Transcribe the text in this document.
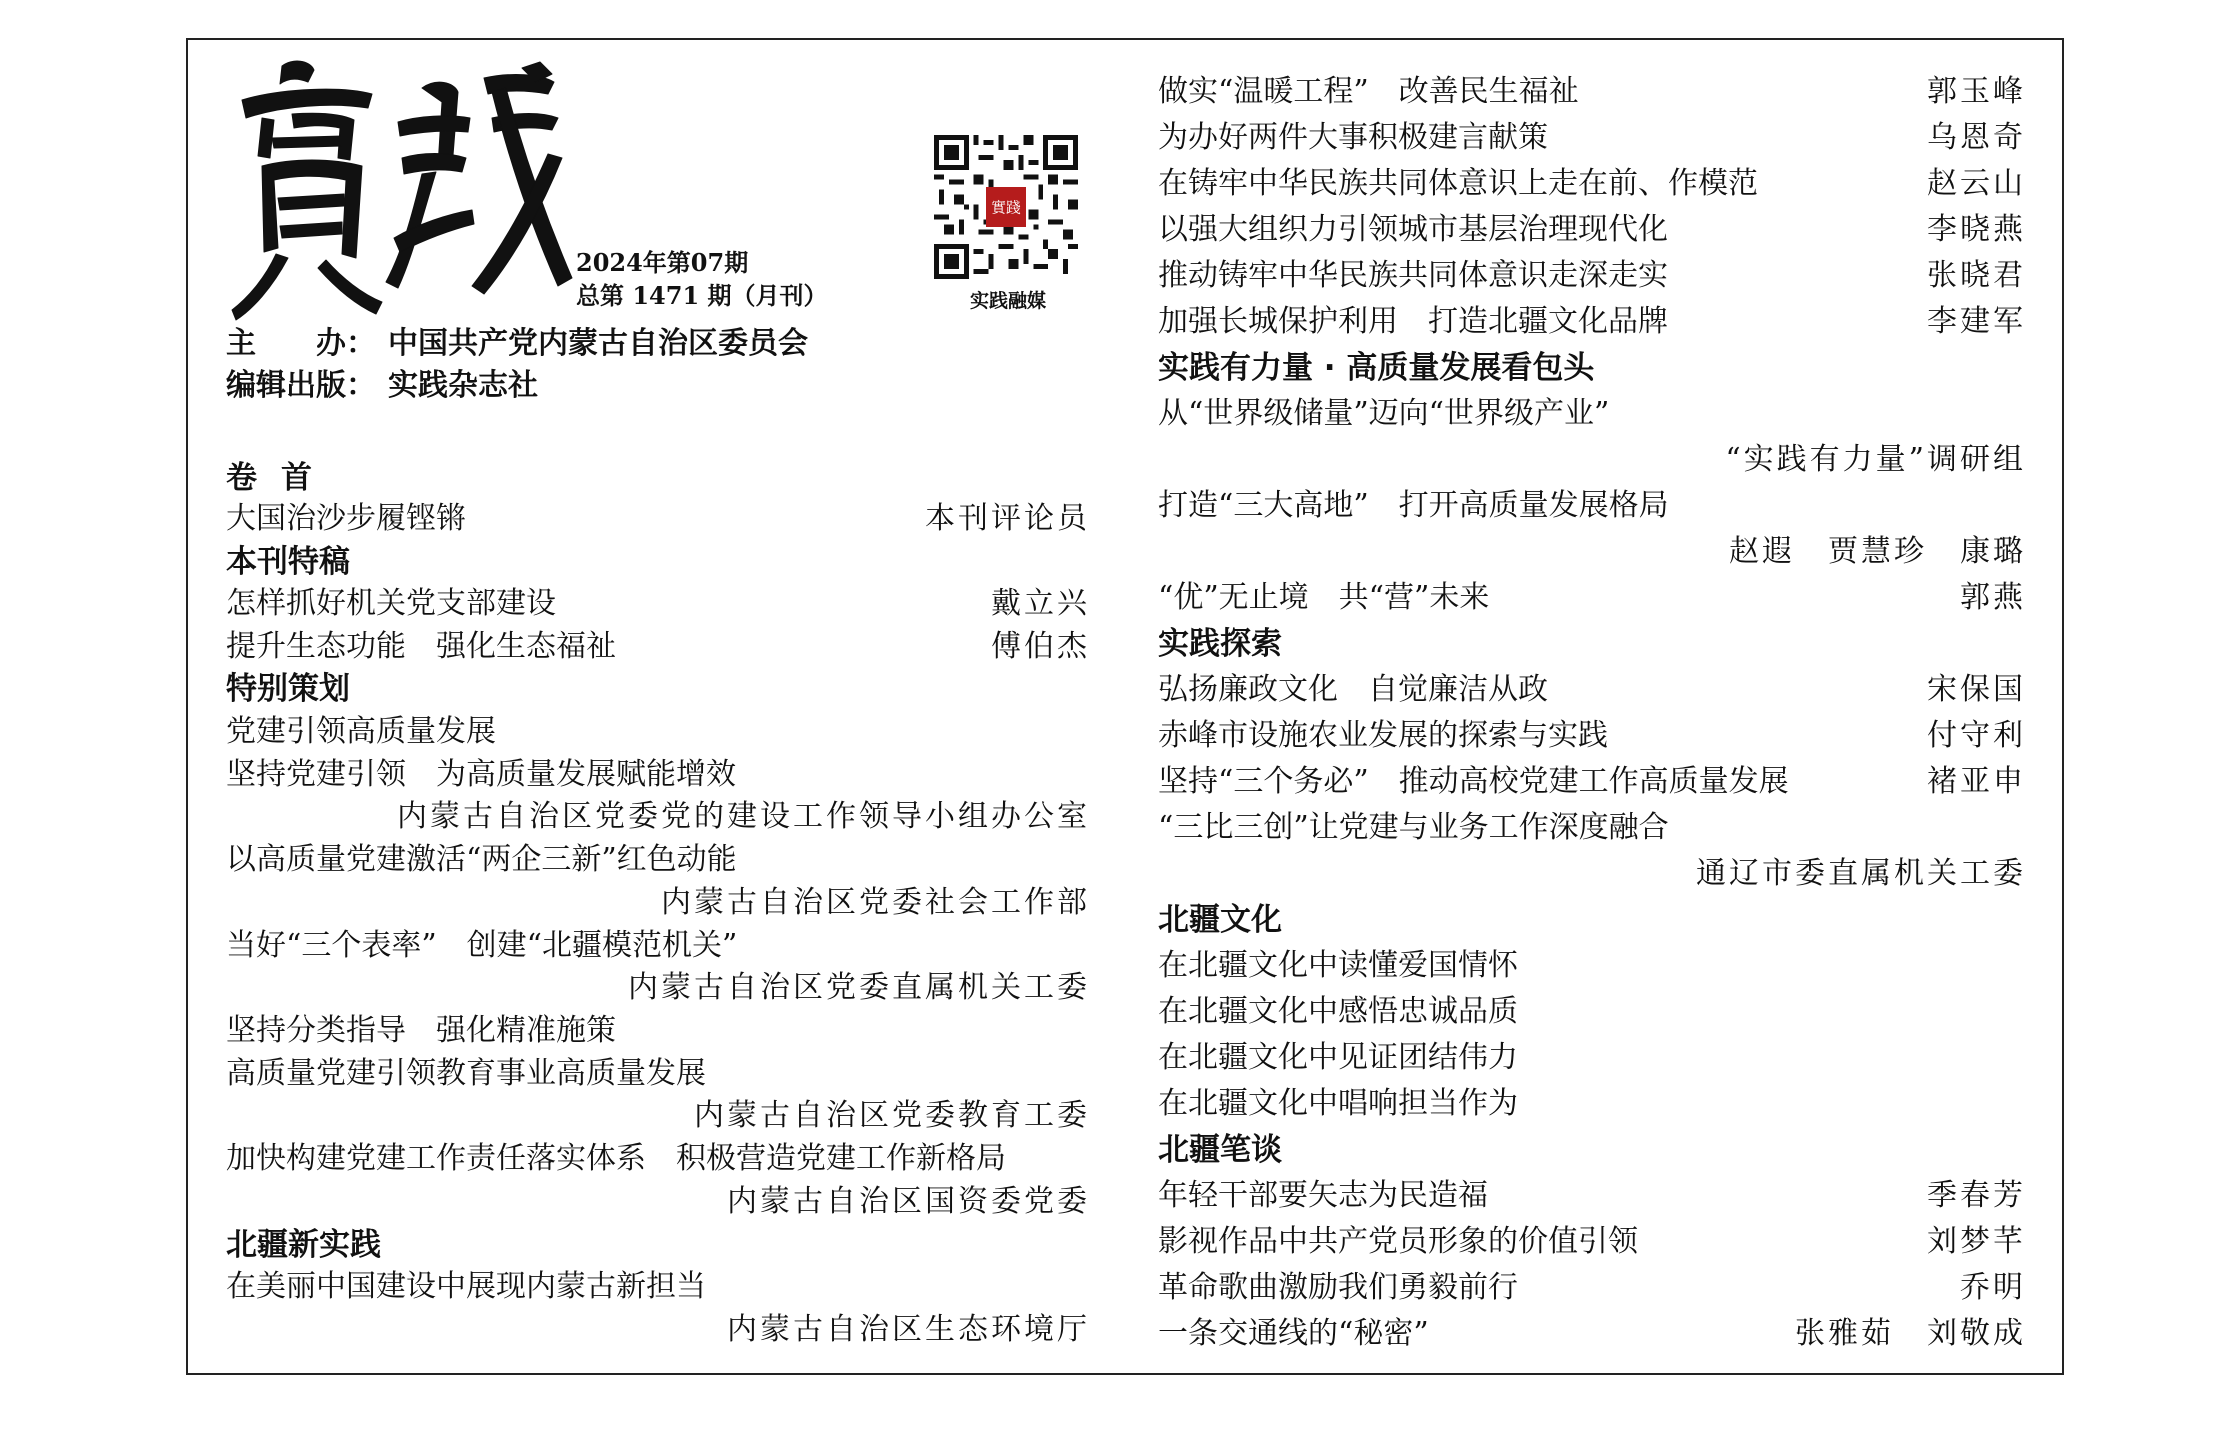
2024年第07期
总第 1471 期（月刊）
實踐
实践融媒
主　　办： 中国共产党内蒙古自治区委员会
编辑出版： 实践杂志社
卷首
大国治沙步履铿锵	本刊评论员
本刊特稿
怎样抓好机关党支部建设	戴立兴
提升生态功能　强化生态福祉	傅伯杰
特别策划
党建引领高质量发展
坚持党建引领　为高质量发展赋能增效
内蒙古自治区党委党的建设工作领导小组办公室
以高质量党建激活“两企三新”红色动能
内蒙古自治区党委社会工作部
当好“三个表率”　创建“北疆模范机关”
内蒙古自治区党委直属机关工委
坚持分类指导　强化精准施策
高质量党建引领教育事业高质量发展
内蒙古自治区党委教育工委
加快构建党建工作责任落实体系　积极营造党建工作新格局
内蒙古自治区国资委党委
北疆新实践
在美丽中国建设中展现内蒙古新担当
内蒙古自治区生态环境厅
做实“温暖工程”　改善民生福祉	郭玉峰
为办好两件大事积极建言献策	乌恩奇
在铸牢中华民族共同体意识上走在前、作模范	赵云山
以强大组织力引领城市基层治理现代化	李晓燕
推动铸牢中华民族共同体意识走深走实	张晓君
加强长城保护利用　打造北疆文化品牌	李建军
实践有力量 · 高质量发展看包头
从“世界级储量”迈向“世界级产业”
“实践有力量”调研组
打造“三大高地”　打开高质量发展格局
赵遐　贾慧珍　康璐
“优”无止境　共“营”未来	郭燕
实践探索
弘扬廉政文化　自觉廉洁从政	宋保国
赤峰市设施农业发展的探索与实践	付守利
坚持“三个务必”　推动高校党建工作高质量发展	褚亚申
“三比三创”让党建与业务工作深度融合
通辽市委直属机关工委
北疆文化
在北疆文化中读懂爱国情怀
在北疆文化中感悟忠诚品质
在北疆文化中见证团结伟力
在北疆文化中唱响担当作为
北疆笔谈
年轻干部要矢志为民造福	季春芳
影视作品中共产党员形象的价值引领	刘梦芊
革命歌曲激励我们勇毅前行	乔明
一条交通线的“秘密”	张雅茹　刘敬成
